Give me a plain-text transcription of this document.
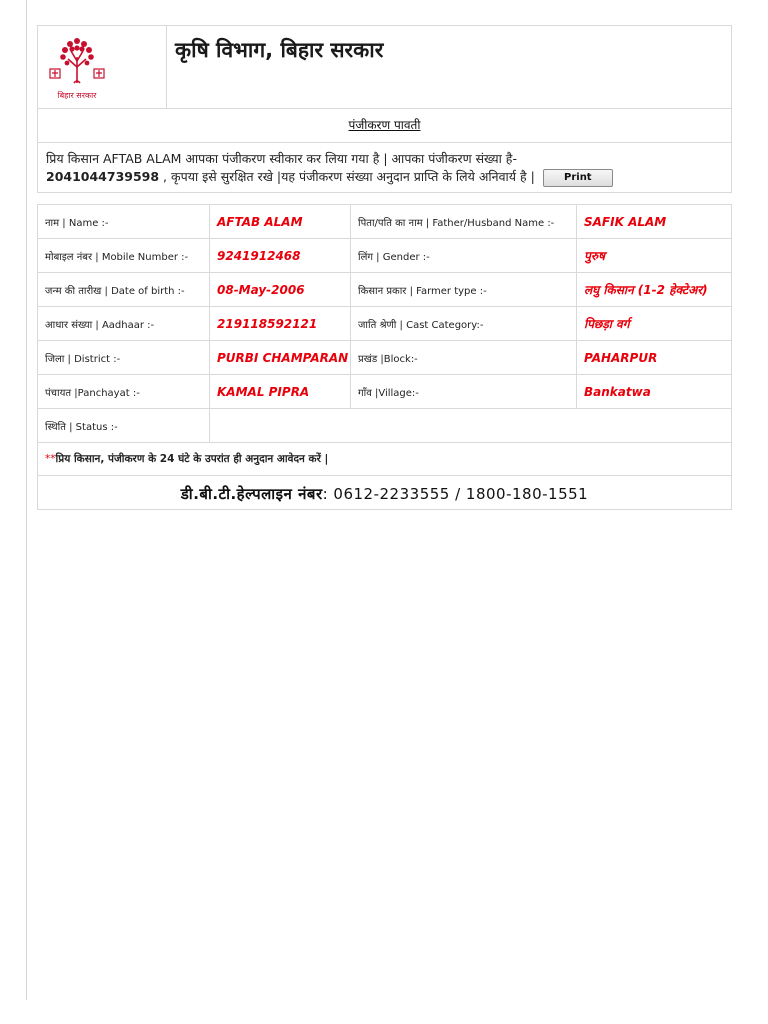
बिहार सरकार
कृषि विभाग, बिहार सरकार
पंजीकरण पावती
प्रिय किसान AFTAB ALAM आपका पंजीकरण स्वीकार कर लिया गया है | आपका पंजीकरण संख्या है-
2041044739598 , कृपया इसे सुरक्षित रखे |यह पंजीकरण संख्या अनुदान प्राप्ति के लिये अनिवार्य है |	Print
नाम | Name :-	AFTAB ALAM	पिता/पति का नाम | Father/Husband Name :-	SAFIK ALAM
मोबाइल नंबर | Mobile Number :-	9241912468	लिंग | Gender :-	पुरुष
जन्म की तारीख | Date of birth :-	08-May-2006	किसान प्रकार | Farmer type :-	लघु किसान (1-2 हेक्टेअर)
आधार संख्या | Aadhaar :-	219118592121	जाति श्रेणी | Cast Category:-	पिछड़ा वर्ग
जिला | District :-	PURBI CHAMPARAN	प्रखंड |Block:-	PAHARPUR
पंचायत |Panchayat :-	KAMAL PIPRA	गाँव |Village:-	Bankatwa
स्थिति | Status :-			
**प्रिय किसान, पंजीकरण के 24 घंटे के उपरांत ही अनुदान आवेदन करें |
डी.बी.टी.हेल्पलाइन नंबर: 0612-2233555 / 1800-180-1551
